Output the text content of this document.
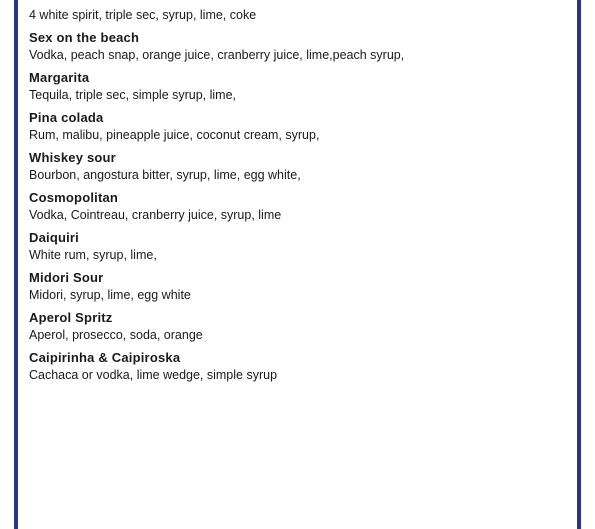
4 white spirit, triple sec, syrup, lime, coke
Sex on the beach
Vodka, peach snap, orange juice, cranberry juice, lime,peach syrup,
Margarita
Tequila, triple sec, simple syrup, lime,
Pina colada
Rum, malibu, pineapple juice, coconut cream, syrup,
Whiskey sour
Bourbon, angostura bitter, syrup, lime, egg white,
Cosmopolitan
Vodka, Cointreau, cranberry juice, syrup, lime
Daiquiri
White rum, syrup, lime,
Midori Sour
Midori, syrup, lime, egg white
Aperol Spritz
Aperol, prosecco, soda, orange
Caipirinha & Caipiroska
Cachaca or vodka, lime wedge, simple syrup
